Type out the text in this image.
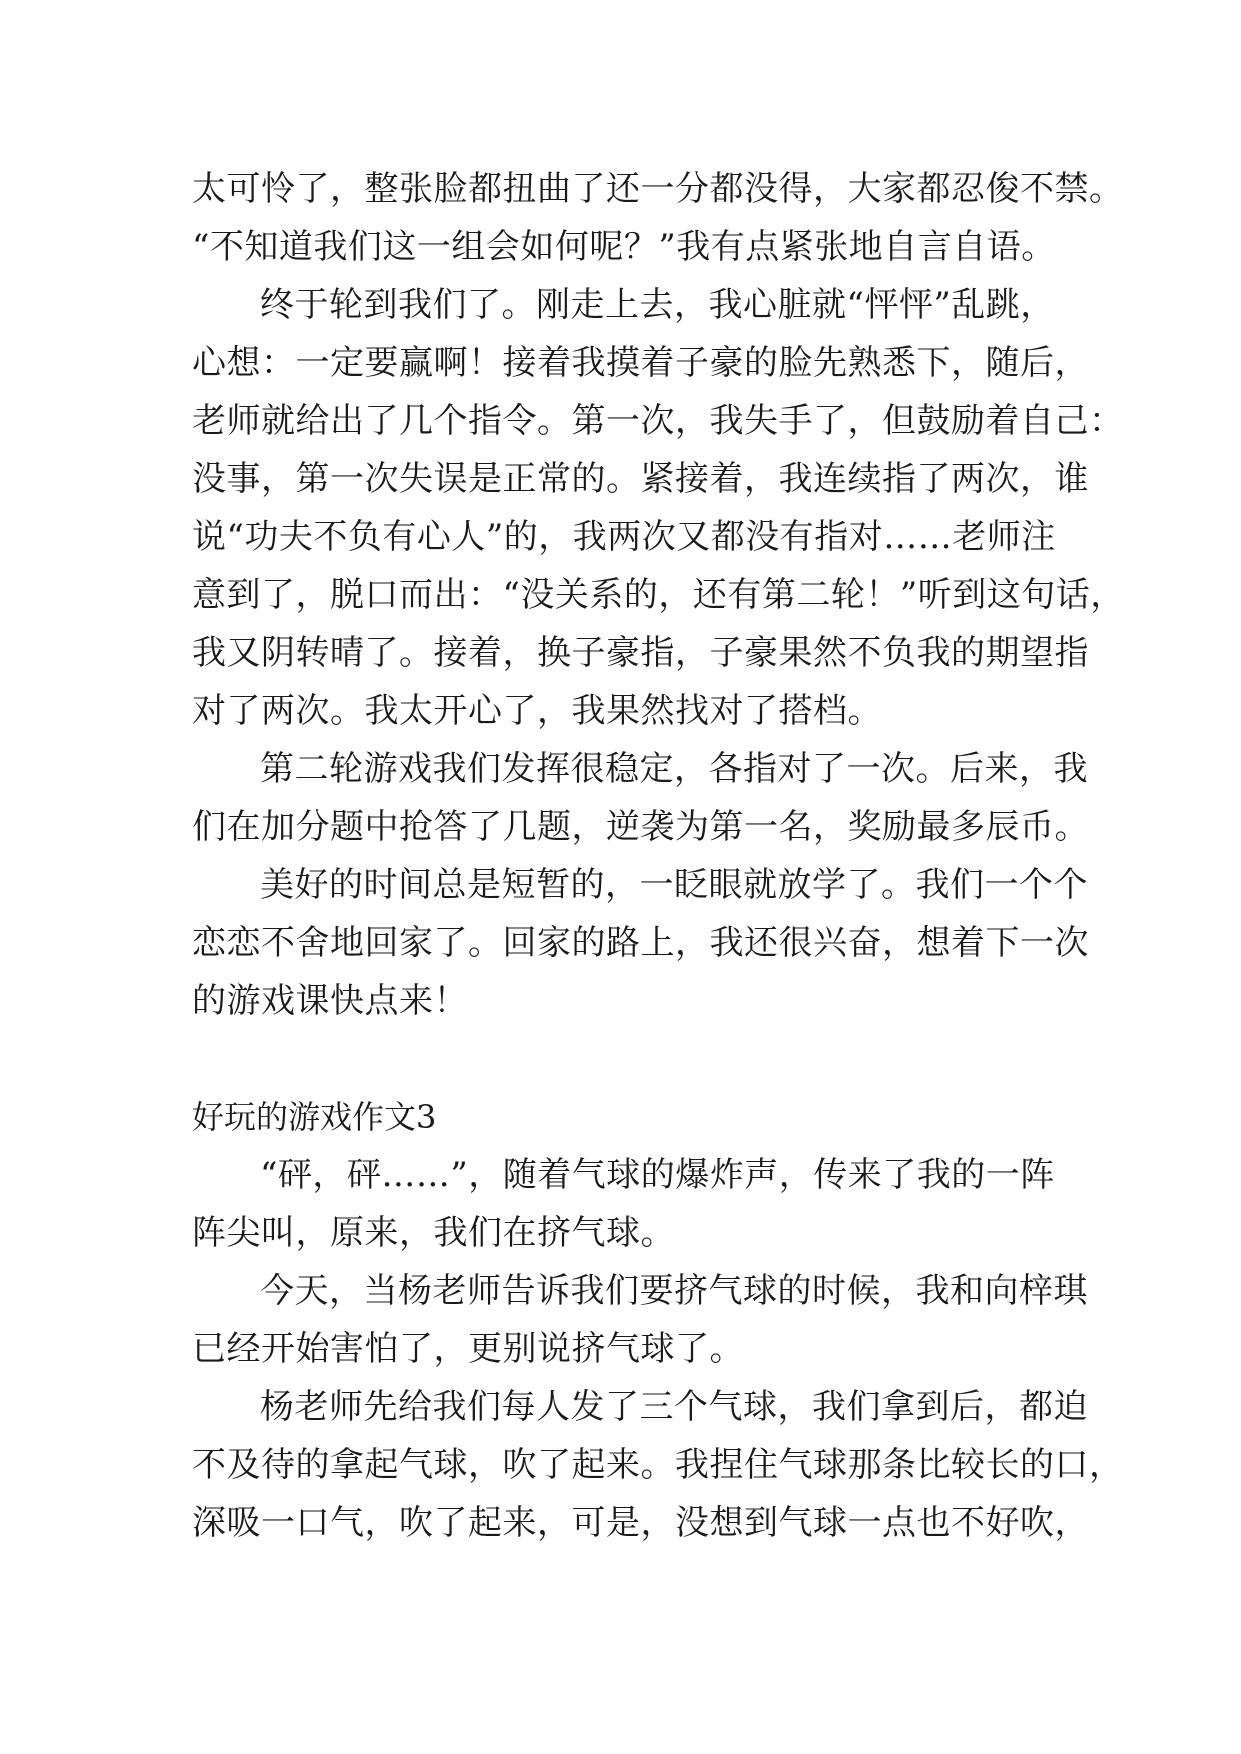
太可怜了，整张脸都扭曲了还一分都没得，大家都忍俊不禁。
“不知道我们这一组会如何呢？”我有点紧张地自言自语。
终于轮到我们了。刚走上去，我心脏就“怦怦”乱跳，
心想：一定要赢啊！接着我摸着子豪的脸先熟悉下，随后，
老师就给出了几个指令。第一次，我失手了，但鼓励着自己：
没事，第一次失误是正常的。紧接着，我连续指了两次，谁
说“功夫不负有心人”的，我两次又都没有指对……老师注
意到了，脱口而出：“没关系的，还有第二轮！”听到这句话，
我又阴转晴了。接着，换子豪指，子豪果然不负我的期望指
对了两次。我太开心了，我果然找对了搭档。
第二轮游戏我们发挥很稳定，各指对了一次。后来，我
们在加分题中抢答了几题，逆袭为第一名，奖励最多辰币。
美好的时间总是短暂的，一眨眼就放学了。我们一个个
恋恋不舍地回家了。回家的路上，我还很兴奋，想着下一次
的游戏课快点来！
好玩的游戏作文3
“砰，砰……”，随着气球的爆炸声，传来了我的一阵
阵尖叫，原来，我们在挤气球。
今天，当杨老师告诉我们要挤气球的时候，我和向梓琪
已经开始害怕了，更别说挤气球了。
杨老师先给我们每人发了三个气球，我们拿到后，都迫
不及待的拿起气球，吹了起来。我捏住气球那条比较长的口，
深吸一口气，吹了起来，可是，没想到气球一点也不好吹，
